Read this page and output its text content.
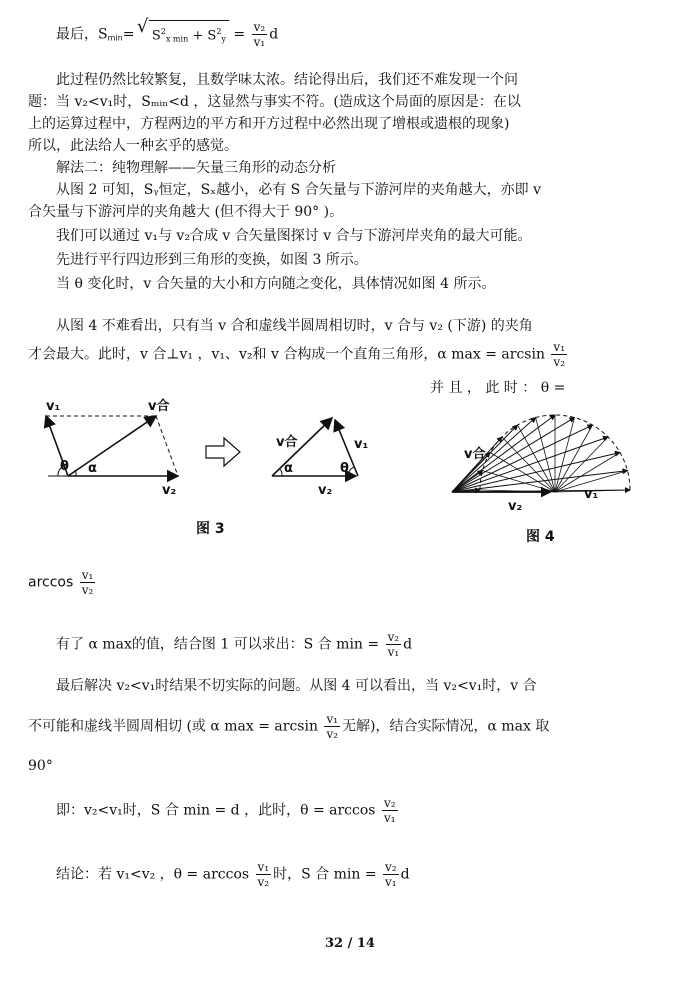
最后，$S_{min}=$ √ $S^2_{x min} + S^2_y = \frac{\text{v₂}}{\text{v₁}}$ d
此过程仍然比较繁复，且数学味太浓。结论得出后，我们还不难发现一个问
题：当 v₂<v₁时，Sₘᵢₙ<d ，这显然与事实不符。(造成这个局面的原因是：在以
上的运算过程中，方程两边的平方和开方过程中必然出现了增根或遗根的现象)
所以，此法给人一种玄乎的感觉。
解法二：纯物理解——矢量三角形的动态分析
从图 2 可知，Sᵧ恒定，Sₓ越小，必有 S 合矢量与下游河岸的夹角越大，亦即 v
合矢量与下游河岸的夹角越大 (但不得大于 90° )。
我们可以通过 v₁与 v₂合成 v 合矢量图探讨 v 合与下游河岸夹角的最大可能。
先进行平行四边形到三角形的变换，如图 3 所示。
当 θ 变化时，v 合矢量的大小和方向随之变化，具体情况如图 4 所示。
从图 4 不难看出，只有当 v 合和虚线半圆周相切时，v 合与 v₂ (下游) 的夹角
才会最大。此时，v 合⊥v₁ ，v₁、v₂和 v 合构成一个直角三角形，α $\max = \arcsin \frac{\text{v₁}}{\text{v₂}}$
并 且 ， 此 时 ： θ =
v₁	v合
θ α
v₂
v合	v₁
α	θ
v₂
图 3
v合
v₂
v₁
图 4
$\arccos \frac{\text{v₁}}{\text{v₂}}$
有了 α max的值，结合图 1 可以求出：S 合 $\min = \frac{\text{v₂}}{\text{v₁}}$ d
最后解决 v₂<v₁时结果不切实际的问题。从图 4 可以看出，当 v₂<v₁时，v 合
不可能和虚线半圆周相切 (或 α $\max = \arcsin \frac{\text{v₁}}{\text{v₂}}$ 无解)，结合实际情况，α max 取
90°
即：v₂<v₁时，S 合 min = d ，此时，$\theta = \arccos \frac{\text{v₂}}{\text{v₁}}$
结论：若 v₁<v₂ ，$\theta = \arccos \frac{\text{v₁}}{\text{v₂}}$ 时，S 合 $\min = \frac{\text{v₂}}{\text{v₁}}$ d
32 / 14
